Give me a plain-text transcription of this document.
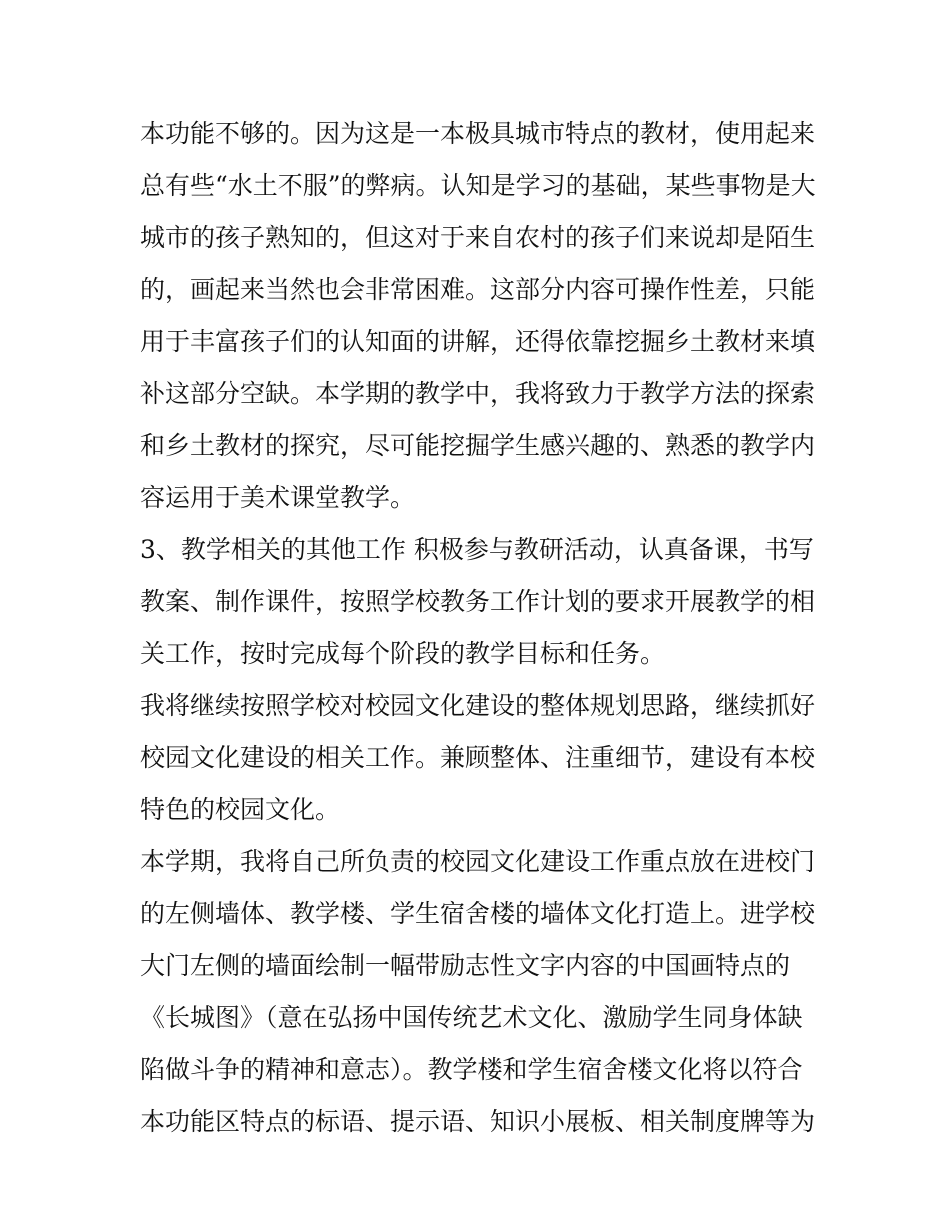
本功能不够的。因为这是一本极具城市特点的教材，使用起来
总有些“水土不服”的弊病。认知是学习的基础，某些事物是大
城市的孩子熟知的，但这对于来自农村的孩子们来说却是陌生
的，画起来当然也会非常困难。这部分内容可操作性差，只能
用于丰富孩子们的认知面的讲解，还得依靠挖掘乡土教材来填
补这部分空缺。本学期的教学中，我将致力于教学方法的探索
和乡土教材的探究，尽可能挖掘学生感兴趣的、熟悉的教学内
容运用于美术课堂教学。
3、教学相关的其他工作 积极参与教研活动，认真备课，书写
教案、制作课件，按照学校教务工作计划的要求开展教学的相
关工作，按时完成每个阶段的教学目标和任务。
我将继续按照学校对校园文化建设的整体规划思路，继续抓好
校园文化建设的相关工作。兼顾整体、注重细节，建设有本校
特色的校园文化。
本学期，我将自己所负责的校园文化建设工作重点放在进校门
的左侧墙体、教学楼、学生宿舍楼的墙体文化打造上。进学校
大门左侧的墙面绘制一幅带励志性文字内容的中国画特点的
《长城图》（意在弘扬中国传统艺术文化、激励学生同身体缺
陷做斗争的精神和意志）。教学楼和学生宿舍楼文化将以符合
本功能区特点的标语、提示语、知识小展板、相关制度牌等为
